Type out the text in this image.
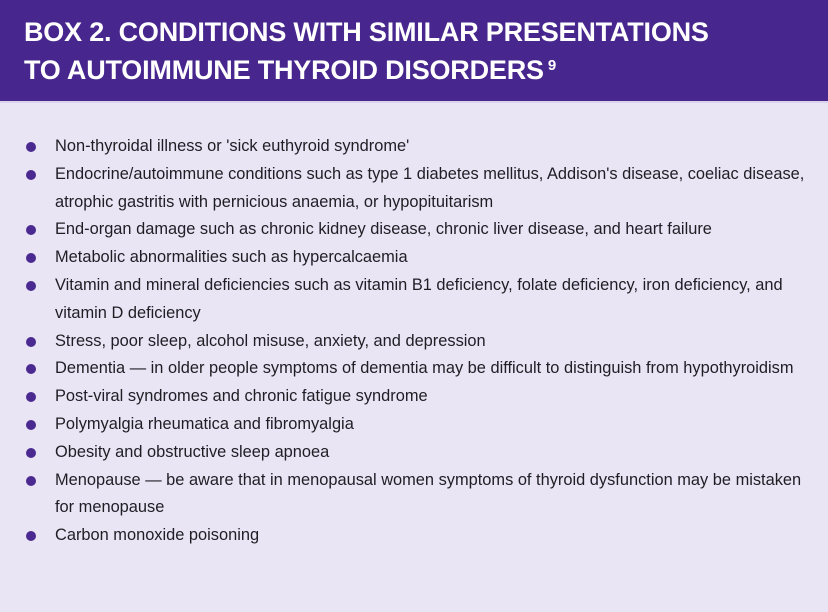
BOX 2. CONDITIONS WITH SIMILAR PRESENTATIONS
TO AUTOIMMUNE THYROID DISORDERS $^9$
Non-thyroidal illness or 'sick euthyroid syndrome'
Endocrine/autoimmune conditions such as type 1 diabetes mellitus, Addison's disease, coeliac disease, atrophic gastritis with pernicious anaemia, or hypopituitarism
End-organ damage such as chronic kidney disease, chronic liver disease, and heart failure
Metabolic abnormalities such as hypercalcaemia
Vitamin and mineral deficiencies such as vitamin B1 deficiency, folate deficiency, iron deficiency, and vitamin D deficiency
Stress, poor sleep, alcohol misuse, anxiety, and depression
Dementia — in older people symptoms of dementia may be difficult to distinguish from hypothyroidism
Post-viral syndromes and chronic fatigue syndrome
Polymyalgia rheumatica and fibromyalgia
Obesity and obstructive sleep apnoea
Menopause — be aware that in menopausal women symptoms of thyroid dysfunction may be mistaken for menopause
Carbon monoxide poisoning
